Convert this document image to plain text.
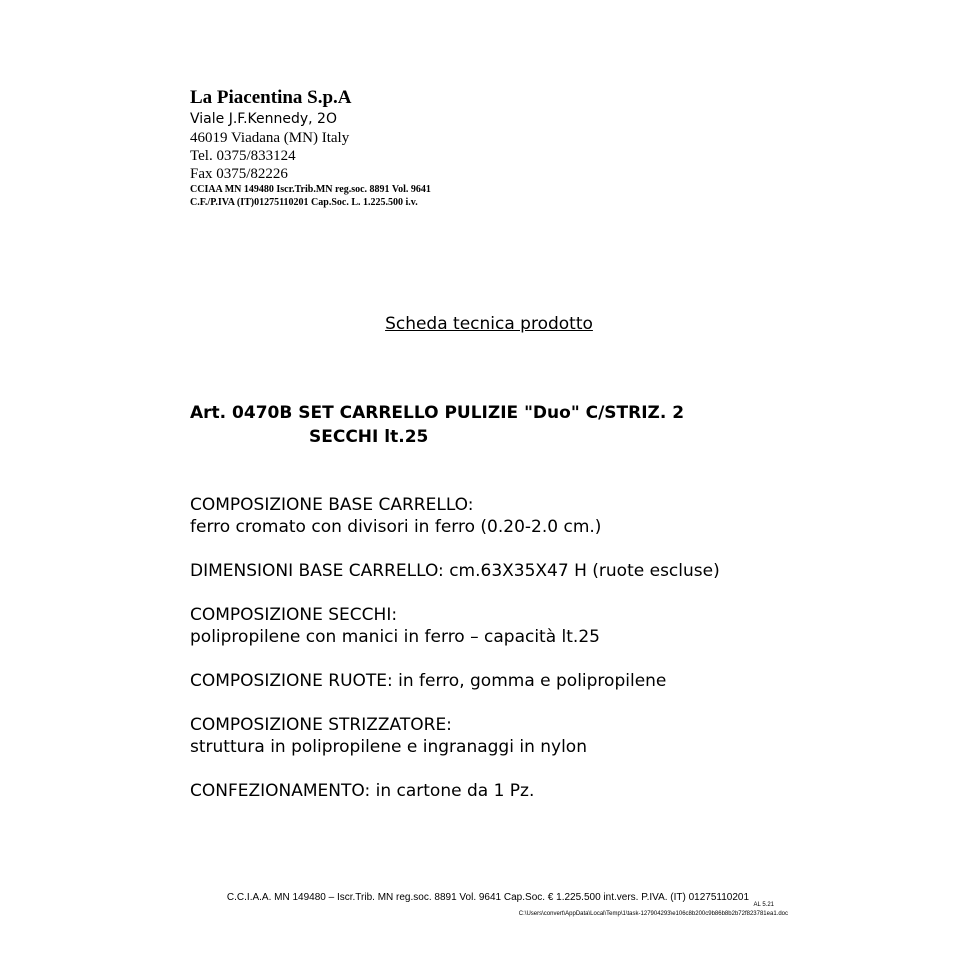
La Piacentina S.p.A
Viale J.F.Kennedy, 2O
46019 Viadana (MN) Italy
Tel. 0375/833124
Fax 0375/82226
CCIAA MN 149480 Iscr.Trib.MN reg.soc. 8891 Vol. 9641
C.F./P.IVA (IT)01275110201 Cap.Soc. L. 1.225.500 i.v.
Scheda tecnica prodotto
Art. 0470B SET CARRELLO PULIZIE "Duo" C/STRIZ. 2
SECCHI lt.25
COMPOSIZIONE BASE CARRELLO:
ferro cromato con divisori in ferro (0.20-2.0 cm.)
DIMENSIONI BASE CARRELLO: cm.63X35X47 H (ruote escluse)
COMPOSIZIONE SECCHI:
polipropilene con manici in ferro – capacità lt.25
COMPOSIZIONE RUOTE: in ferro, gomma e polipropilene
COMPOSIZIONE STRIZZATORE:
struttura in polipropilene e ingranaggi in nylon
CONFEZIONAMENTO: in cartone da 1 Pz.
C.C.I.A.A. MN 149480 – Iscr.Trib. MN reg.soc. 8891 Vol. 9641 Cap.Soc. € 1.225.500 int.vers. P.IVA. (IT) 01275110201
AL 5.21
C:\Users\convert\AppData\Local\Temp\1\task-127904293\e106c8b200c9b86b8b2b72f823781ea1.doc
